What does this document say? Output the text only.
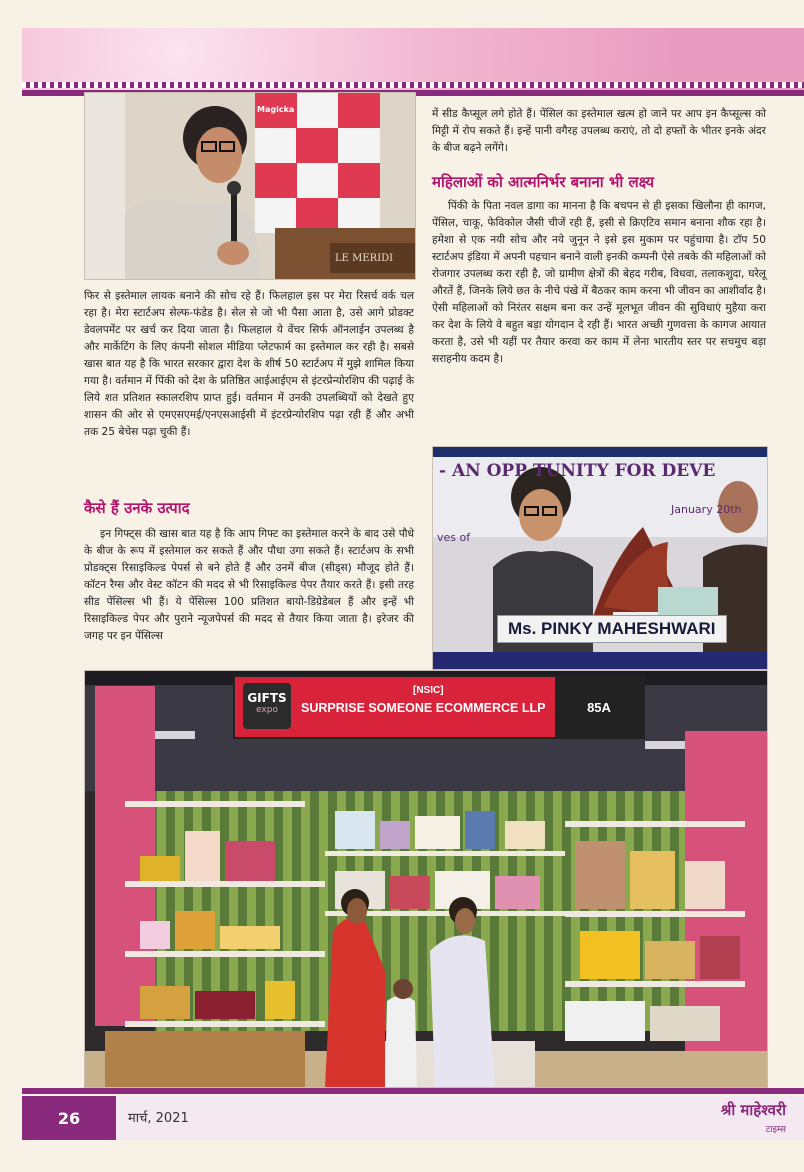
Magicka
LE MERIDI

फिर से इस्तेमाल लायक बनाने की सोच रहे हैं। फिलहाल इस पर मेरा रिसर्च वर्क चल रहा है। मेरा स्टार्टअप सेल्फ-फंडेड है। सेल से जो भी पैसा आता है, उसे आगे प्रोडक्ट डेवलपमेंट पर खर्च कर दिया जाता है। फिलहाल ये वेंचर सिर्फ ऑनलाईन उपलब्ध है और मार्केटिंग के लिए कंपनी सोशल मीडिया प्लेटफार्म का इस्तेमाल कर रही है। सबसे खास बात यह है कि भारत सरकार द्वारा देश के शीर्ष 50 स्टार्टअप में मुझे शामिल किया गया है। वर्तमान में पिंकी को देश के प्रतिष्ठित आईआईएम से इंटरप्रेन्योरशिप की पढ़ाई के लिये शत प्रतिशत स्कालरशिप प्राप्त हुई। वर्तमान में उनकी उपलब्धियों को देखते हुए शासन की ओर से एमएसएमई/एनएसआईसी में इंटरप्रेन्योरशिप पढ़ा रही हैं और अभी तक 25 बेचेस पढ़ा चुकी हैं।

कैसे हैं उनके उत्पाद

इन गिफ्ट्स की खास बात यह है कि आप गिफ्ट का इस्तेमाल करने के बाद उसे पौधे के बीज के रूप में इस्तेमाल कर सकते हैं और पौधा उगा सकते हैं। स्टार्टअप के सभी प्रोडक्ट्स रिसाइकिल्ड पेपर्स से बने होते हैं और उनमें बीज (सीड्स) मौजूद होते हैं। कॉटन रैग्स और वेस्ट कॉटन की मदद से भी रिसाइकिल्ड पेपर तैयार करते हैं। इसी तरह सीड पेंसिल्स भी हैं। ये पेंसिल्स 100 प्रतिशत बायो-डिग्रेडेबल हैं और इन्हें भी रिसाइकिल्ड पेपर और पुराने न्यूजपेपर्स की मदद से तैयार किया जाता है। इरेजर की जगह पर इन पेंसिल्स

में सीड कैप्सूल लगे होते हैं। पेंसिल का इस्तेमाल खत्म हो जाने पर आप इन कैप्सूल्स को मिट्टी में रोप सकते हैं। इन्हें पानी वगैरह उपलब्ध कराएं, तो दो हफ्तों के भीतर इनके अंदर के बीज बढ़ने लगेंगे।

महिलाओं को आत्मनिर्भर बनाना भी लक्ष्य

पिंकी के पिता नवल डागा का मानना है कि बचपन से ही इसका खिलौना ही कागज, पेंसिल, चाकू, फेविकोल जैसी चीजें रही हैं, इसी से क्रिएटिव समान बनाना शौक रहा है। हमेशा से एक नयी सोच और नये जुनून ने इसे इस मुकाम पर पहुंचाया है। टॉप 50 स्टार्टअप इंडिया में अपनी पहचान बनाने वाली इनकी कम्पनी ऐसे तबके की महिलाओं को रोजगार उपलब्ध करा रही है, जो ग्रामीण क्षेत्रों की बेहद गरीब, विधवा, तलाकशुदा, घरेलू औरतें हैं, जिनके लिये छत के नीचे पंखे में बैठकर काम करना भी जीवन का आशीर्वाद है। ऐसी महिलाओं को निरंतर सक्षम बना कर उन्हें मूलभूत जीवन की सुविधाएं मुहैया करा कर देश के लिये वे बहुत बड़ा योगदान दे रही हैं। भारत अच्छी गुणवत्ता के कागज आयात करता है, उसे भी यहीं पर तैयार करवा कर काम में लेना भारतीय स्तर पर सचमुच बड़ा सराहनीय कदम है।

- AN OPP TUNITY FOR DEVE
January 20th
ves of
Ms. PINKY MAHESHWARI
GIFTS
expo
[NSIC]
SURPRISE SOMEONE ECOMMERCE LLP	85A
26	मार्च, 2021	श्री माहेश्वरी
टाइम्स
